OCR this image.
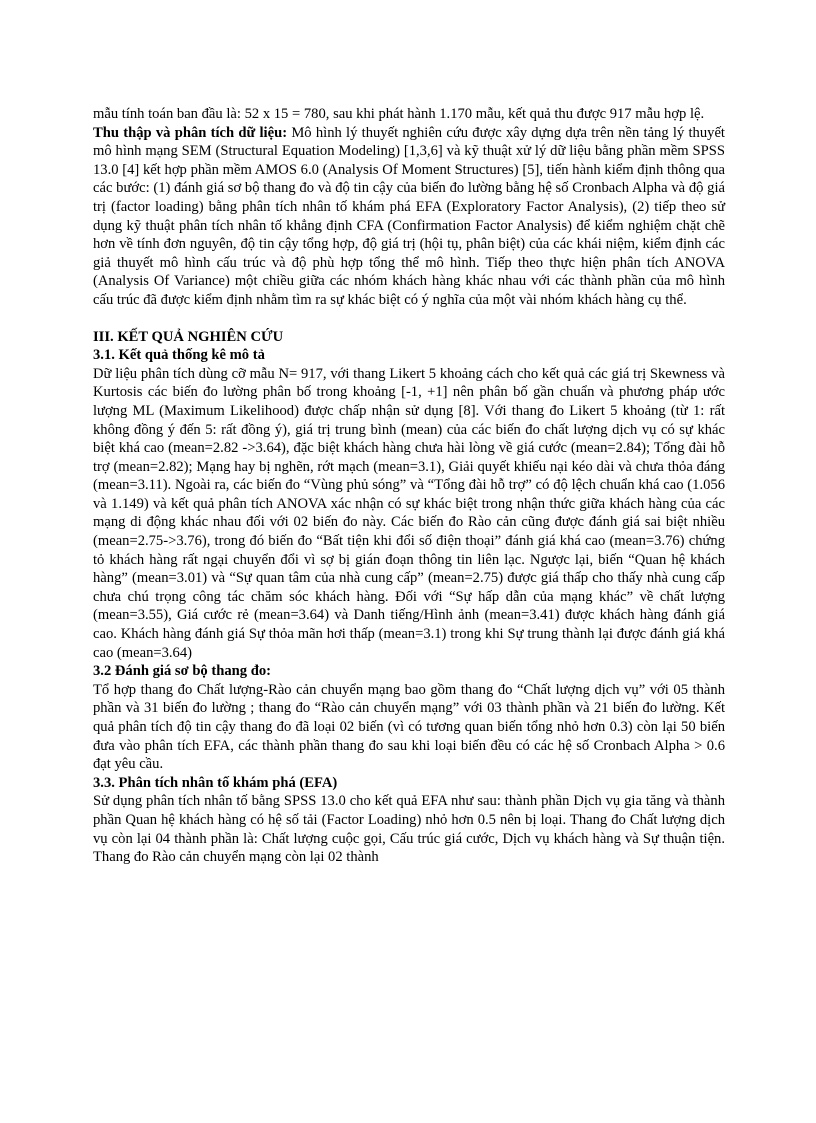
mẫu tính toán ban đầu là: 52 x 15 = 780, sau khi phát hành 1.170 mẫu, kết quả thu được 917 mẫu hợp lệ.

Thu thập và phân tích dữ liệu: Mô hình lý thuyết nghiên cứu được xây dựng dựa trên nền tảng lý thuyết mô hình mạng SEM (Structural Equation Modeling) [1,3,6] và kỹ thuật xử lý dữ liệu bằng phần mềm SPSS 13.0 [4] kết hợp phần mềm AMOS 6.0 (Analysis Of Moment Structures) [5], tiến hành kiểm định thông qua các bước: (1) đánh giá sơ bộ thang đo và độ tin cậy của biến đo lường bằng hệ số Cronbach Alpha và độ giá trị (factor loading) bằng phân tích nhân tố khám phá EFA (Exploratory Factor Analysis), (2) tiếp theo sử dụng kỹ thuật phân tích nhân tố khẳng định CFA (Confirmation Factor Analysis) để kiểm nghiệm chặt chẽ hơn về tính đơn nguyên, độ tin cậy tổng hợp, độ giá trị (hội tụ, phân biệt) của các khái niệm, kiểm định các giả thuyết mô hình cấu trúc và độ phù hợp tổng thể mô hình. Tiếp theo thực hiện phân tích ANOVA (Analysis Of Variance) một chiều giữa các nhóm khách hàng khác nhau với các thành phần của mô hình cấu trúc đã được kiểm định nhằm tìm ra sự khác biệt có ý nghĩa của một vài nhóm khách hàng cụ thể.

III. KẾT QUẢ NGHIÊN CỨU

3.1. Kết quả thống kê mô tả

Dữ liệu phân tích dùng cỡ mẫu N= 917, với thang Likert 5 khoảng cách cho kết quả các giá trị Skewness và Kurtosis các biến đo lường phân bố trong khoảng [-1, +1] nên phân bố gần chuẩn và phương pháp ước lượng ML (Maximum Likelihood) được chấp nhận sử dụng [8]. Với thang đo Likert 5 khoảng (từ 1: rất không đồng ý đến 5: rất đồng ý), giá trị trung bình (mean) của các biến đo chất lượng dịch vụ có sự khác biệt khá cao (mean=2.82 ->3.64), đặc biệt khách hàng chưa hài lòng về giá cước (mean=2.84); Tổng đài hỗ trợ (mean=2.82); Mạng hay bị nghẽn, rớt mạch (mean=3.1), Giải quyết khiếu nại kéo dài và chưa thỏa đáng (mean=3.11). Ngoài ra, các biến đo “Vùng phủ sóng” và “Tổng đài hỗ trợ” có độ lệch chuẩn khá cao (1.056 và 1.149) và kết quả phân tích ANOVA xác nhận có sự khác biệt trong nhận thức giữa khách hàng của các mạng di động khác nhau đối với 02 biến đo này. Các biến đo Rào cản cũng được đánh giá sai biệt nhiều (mean=2.75->3.76), trong đó biến đo “Bất tiện khi đổi số điện thoại” đánh giá khá cao (mean=3.76) chứng tỏ khách hàng rất ngại chuyển đổi vì sợ bị gián đoạn thông tin liên lạc. Ngược lại, biến “Quan hệ khách hàng” (mean=3.01) và “Sự quan tâm của nhà cung cấp” (mean=2.75) được giá thấp cho thấy nhà cung cấp chưa chú trọng công tác chăm sóc khách hàng. Đối với “Sự hấp dẫn của mạng khác” về chất lượng (mean=3.55), Giá cước rẻ (mean=3.64) và Danh tiếng/Hình ảnh (mean=3.41) được khách hàng đánh giá cao. Khách hàng đánh giá Sự thỏa mãn hơi thấp (mean=3.1) trong khi Sự trung thành lại được đánh giá khá cao (mean=3.64)

3.2 Đánh giá sơ bộ thang đo:

Tổ hợp thang đo Chất lượng-Rào cản chuyển mạng bao gồm thang đo “Chất lượng dịch vụ” với 05 thành phần và 31 biến đo lường ; thang đo “Rào cản chuyển mạng” với 03 thành phần và 21 biến đo lường. Kết quả phân tích độ tin cậy thang đo đã loại 02 biến (vì có tương quan biến tổng nhỏ hơn 0.3) còn lại 50 biến đưa vào phân tích EFA, các thành phần thang đo sau khi loại biến đều có các hệ số Cronbach Alpha > 0.6 đạt yêu cầu.

3.3. Phân tích nhân tố khám phá (EFA)

Sử dụng phân tích nhân tố bằng SPSS 13.0 cho kết quả EFA như sau: thành phần Dịch vụ gia tăng và thành phần Quan hệ khách hàng có hệ số tải (Factor Loading) nhỏ hơn 0.5 nên bị loại. Thang đo Chất lượng dịch vụ còn lại 04 thành phần là: Chất lượng cuộc gọi, Cấu trúc giá cước, Dịch vụ khách hàng và Sự thuận tiện. Thang đo Rào cản chuyển mạng còn lại 02 thành
